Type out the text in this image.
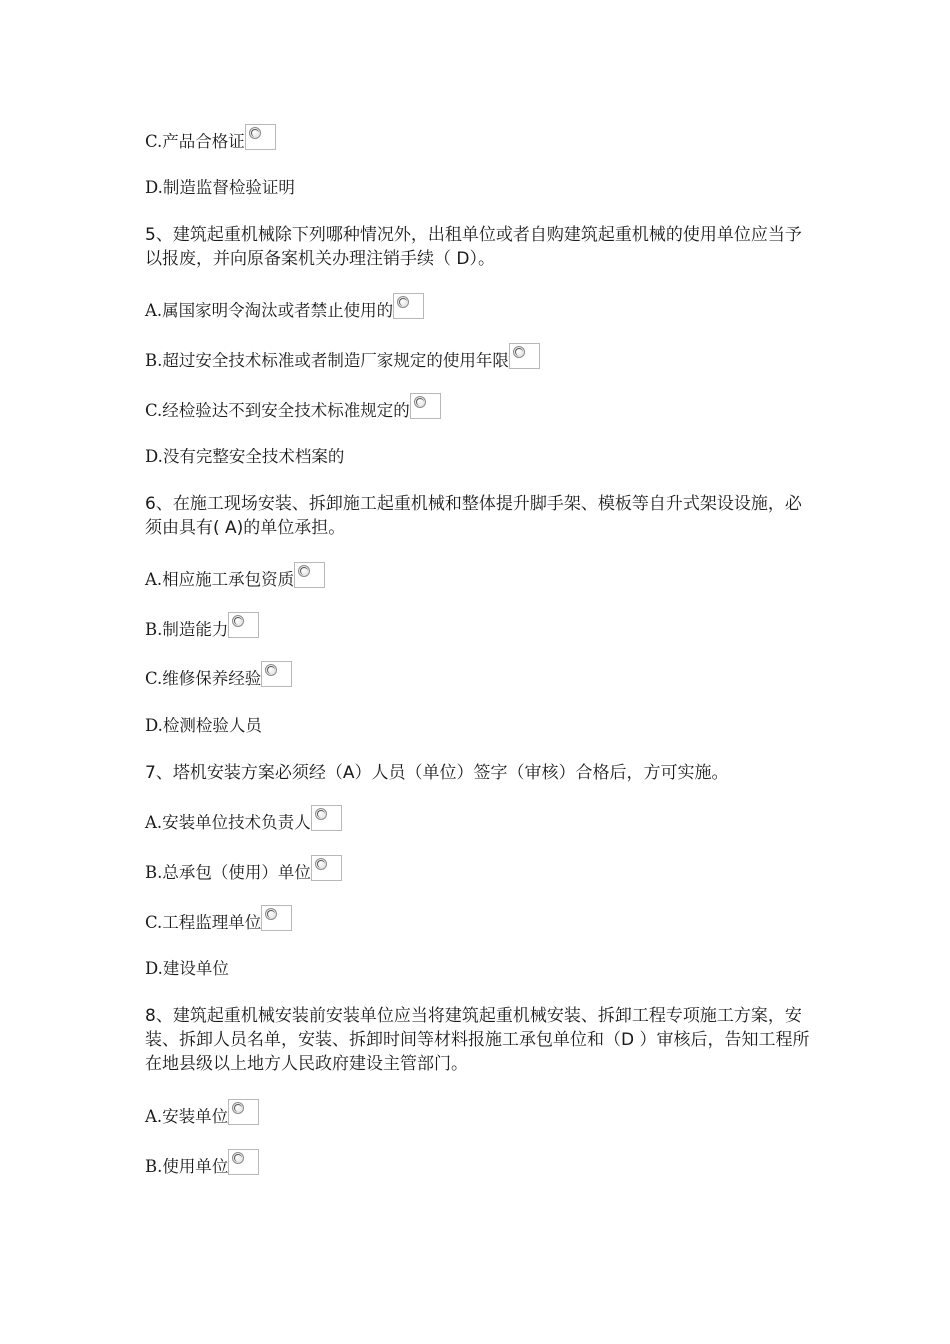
C.产品合格证
D.制造监督检验证明
5、建筑起重机械除下列哪种情况外，出租单位或者自购建筑起重机械的使用单位应当予以报废，并向原备案机关办理注销手续（ D）。
A.属国家明令淘汰或者禁止使用的
B.超过安全技术标准或者制造厂家规定的使用年限
C.经检验达不到安全技术标准规定的
D.没有完整安全技术档案的
6、在施工现场安装、拆卸施工起重机械和整体提升脚手架、模板等自升式架设设施，必须由具有( A)的单位承担。
A.相应施工承包资质
B.制造能力
C.维修保养经验
D.检测检验人员
7、塔机安装方案必须经（A）人员（单位）签字（审核）合格后，方可实施。
A.安装单位技术负责人
B.总承包（使用）单位
C.工程监理单位
D.建设单位
8、建筑起重机械安装前安装单位应当将建筑起重机械安装、拆卸工程专项施工方案，安装、拆卸人员名单，安装、拆卸时间等材料报施工承包单位和（D ）审核后，告知工程所在地县级以上地方人民政府建设主管部门。
A.安装单位
B.使用单位
